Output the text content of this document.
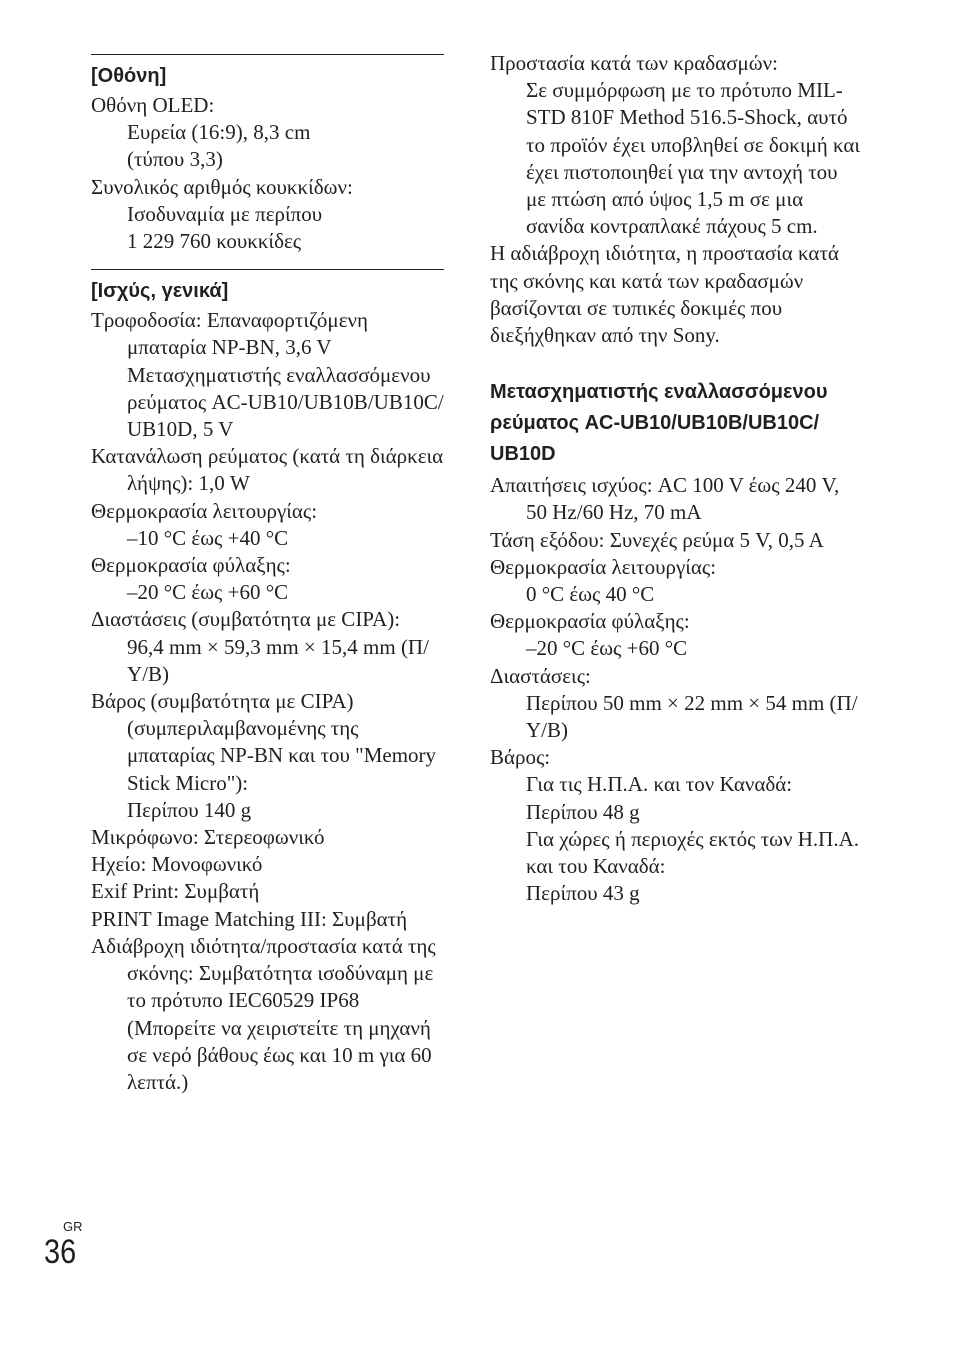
[Οθόνη]

Οθόνη OLED:

Ευρεία (16:9), 8,3 cm

(τύπου 3,3)

Συνολικός αριθμός κουκκίδων:

Ισοδυναμία με περίπου

1 229 760 κουκκίδες

[Ισχύς, γενικά]

Τροφοδοσία: Επαναφορτιζόμενη μπαταρία NP-BN, 3,6 V

Μετασχηματιστής εναλλασσόμενου ρεύματος AC-UB10/UB10B/UB10C/ UB10D, 5 V

Κατανάλωση ρεύματος (κατά τη διάρκεια λήψης): 1,0 W

Θερμοκρασία λειτουργίας:

–10 °C έως +40 °C

Θερμοκρασία φύλαξης:

–20 °C έως +60 °C

Διαστάσεις (συμβατότητα με CIPA):

96,4 mm × 59,3 mm × 15,4 mm (Π/Υ/Β)

Βάρος (συμβατότητα με CIPA) (συμπεριλαμβανομένης της μπαταρίας NP-BN και του "Memory Stick Micro"):

Περίπου 140 g

Μικρόφωνο: Στερεοφωνικό

Ηχείο: Μονοφωνικό

Exif Print: Συμβατή

PRINT Image Matching III: Συμβατή

Αδιάβροχη ιδιότητα/προστασία κατά της σκόνης: Συμβατότητα ισοδύναμη με το πρότυπο IEC60529 IP68 (Μπορείτε να χειριστείτε τη μηχανή σε νερό βάθους έως και 10 m για 60 λεπτά.)

Προστασία κατά των κραδασμών:

Σε συμμόρφωση με το πρότυπο MIL-STD 810F Method 516.5-Shock, αυτό το προϊόν έχει υποβληθεί σε δοκιμή και έχει πιστοποιηθεί για την αντοχή του με πτώση από ύψος 1,5 m σε μια σανίδα κοντραπλακέ πάχους 5 cm.

Η αδιάβροχη ιδιότητα, η προστασία κατά της σκόνης και κατά των κραδασμών βασίζονται σε τυπικές δοκιμές που διεξήχθηκαν από την Sony.

Μετασχηματιστής εναλλασσόμενου ρεύματος AC-UB10/UB10B/UB10C/ UB10D

Απαιτήσεις ισχύος: AC 100 V έως 240 V, 50 Hz/60 Hz, 70 mA

Τάση εξόδου: Συνεχές ρεύμα 5 V, 0,5 A

Θερμοκρασία λειτουργίας:

0 °C έως 40 °C

Θερμοκρασία φύλαξης:

–20 °C έως +60 °C

Διαστάσεις:

Περίπου 50 mm × 22 mm × 54 mm (Π/Υ/Β)

Βάρος:

Για τις Η.Π.Α. και τον Καναδά:

Περίπου 48 g

Για χώρες ή περιοχές εκτός των Η.Π.Α. και του Καναδά:

Περίπου 43 g

GR
36
